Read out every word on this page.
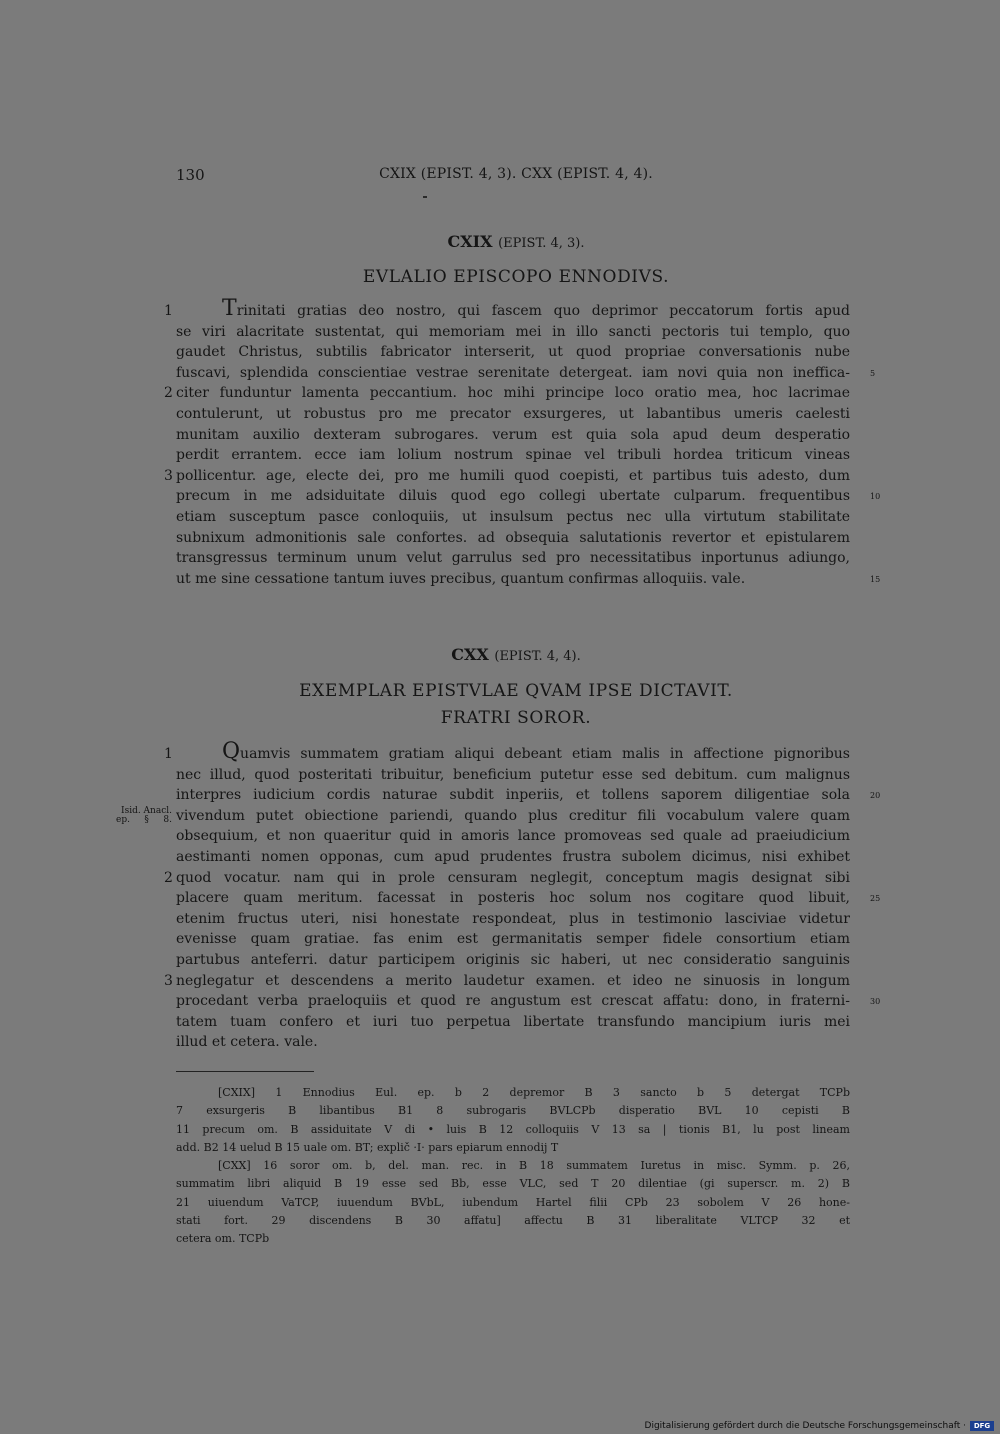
130	CXIX (EPIST. 4, 3). CXX (EPIST. 4, 4).
CXIX (EPIST. 4, 3).
EVLALIO EPISCOPO ENNODIVS.
Trinitati gratias deo nostro, qui fascem quo deprimor peccatorum fortis apud
1
se viri alacritate sustentat, qui memoriam mei in illo sancti pectoris tui templo, quo
gaudet Christus, subtilis fabricator interserit, ut quod propriae conversationis nube
fuscavi, splendida conscientiae vestrae serenitate detergeat. iam novi quia non ineffica-	5
citer funduntur lamenta peccantium. hoc mihi principe loco oratio mea, hoc lacrimae
2
contulerunt, ut robustus pro me precator exsurgeres, ut labantibus umeris caelesti
munitam auxilio dexteram subrogares. verum est quia sola apud deum desperatio
perdit errantem. ecce iam lolium nostrum spinae vel tribuli hordea triticum vineas
pollicentur. age, electe dei, pro me humili quod coepisti, et partibus tuis adesto, dum
3
precum in me adsiduitate diluis quod ego collegi ubertate culparum. frequentibus	10
etiam susceptum pasce conloquiis, ut insulsum pectus nec ulla virtutum stabilitate
subnixum admonitionis sale confortes. ad obsequia salutationis revertor et epistularem
transgressus terminum unum velut garrulus sed pro necessitatibus inportunus adiungo,
ut me sine cessatione tantum iuves precibus, quantum confirmas alloquiis. vale.	15
CXX (EPIST. 4, 4).
EXEMPLAR EPISTVLAE QVAM IPSE DICTAVIT.
FRATRI SOROR.
Quamvis summatem gratiam aliqui debeant etiam malis in affectione pignoribus
1
nec illud, quod posteritati tribuitur, beneficium putetur esse sed debitum. cum malignus
interpres iudicium cordis naturae subdit inperiis, et tollens saporem diligentiae sola	20
vivendum putet obiectione pariendi, quando plus creditur fili vocabulum valere quam
Isid. Anacl. ep. § 8.
obsequium, et non quaeritur quid in amoris lance promoveas sed quale ad praeiudicium
aestimanti nomen opponas, cum apud prudentes frustra subolem dicimus, nisi exhibet
quod vocatur. nam qui in prole censuram neglegit, conceptum magis designat sibi
2
placere quam meritum. facessat in posteris hoc solum nos cogitare quod libuit,	25
etenim fructus uteri, nisi honestate respondeat, plus in testimonio lasciviae videtur
evenisse quam gratiae. fas enim est germanitatis semper fidele consortium etiam
partubus anteferri. datur participem originis sic haberi, ut nec consideratio sanguinis
neglegatur et descendens a merito laudetur examen. et ideo ne sinuosis in longum
3
procedant verba praeloquiis et quod re angustum est crescat affatu: dono, in fraterni-	30
tatem tuam confero et iuri tuo perpetua libertate transfundo mancipium iuris mei
illud et cetera. vale.
[CXIX] 1 Ennodius Eul. ep. b 2 depremor B 3 sancto b 5 detergat TCPb
7 exsurgeris B libantibus B1 8 subrogaris BVLCPb disperatio BVL 10 cepisti B
11 precum om. B assiduitate V di • luis B 12 colloquiis V 13 sa | tionis B1, lu post lineam
add. B2 14 uelud B 15 uale om. BT; explič ·I· pars epiarum ennodij T
[CXX] 16 soror om. b, del. man. rec. in B 18 summatem Iuretus in misc. Symm. p. 26,
summatim libri aliquid B 19 esse sed Bb, esse VLC, sed T 20 dilentiae (gi superscr. m. 2) B
21 uiuendum VaTCP, iuuendum BVbL, iubendum Hartel filii CPb 23 sobolem V 26 hone-
stati fort. 29 discendens B 30 affatu] affectu B 31 liberalitate VLTCP 32 et
cetera om. TCPb
Digitalisierung gefördert durch die Deutsche Forschungsgemeinschaft ·	DFG
